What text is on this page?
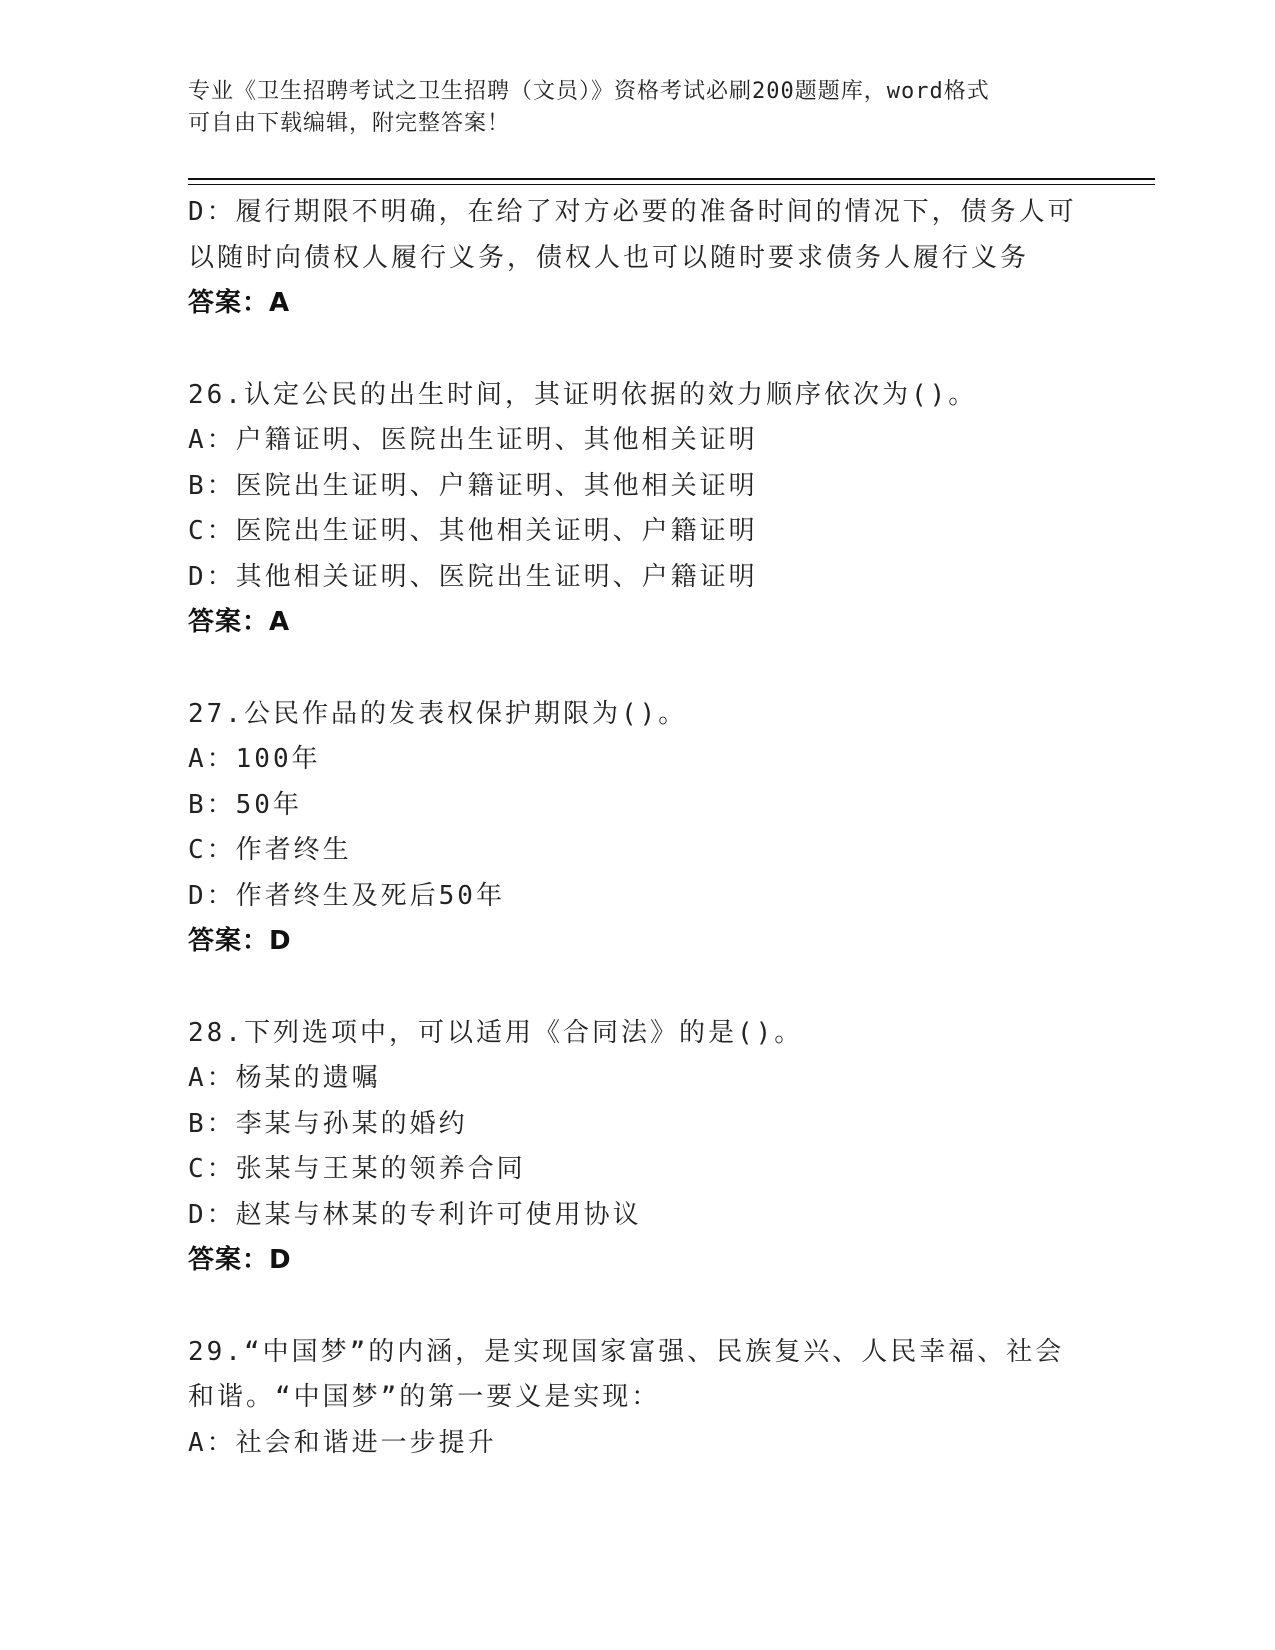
专业《卫生招聘考试之卫生招聘（文员）》资格考试必刷200题题库，word格式
可自由下载编辑，附完整答案！
D：履行期限不明确，在给了对方必要的准备时间的情况下，债务人可
以随时向债权人履行义务，债权人也可以随时要求债务人履行义务
答案：A
26.认定公民的出生时间，其证明依据的效力顺序依次为()。
A：户籍证明、医院出生证明、其他相关证明
B：医院出生证明、户籍证明、其他相关证明
C：医院出生证明、其他相关证明、户籍证明
D：其他相关证明、医院出生证明、户籍证明
答案：A
27.公民作品的发表权保护期限为()。
A：100年
B：50年
C：作者终生
D：作者终生及死后50年
答案：D
28.下列选项中，可以适用《合同法》的是()。
A：杨某的遗嘱
B：李某与孙某的婚约
C：张某与王某的领养合同
D：赵某与林某的专利许可使用协议
答案：D
29.“中国梦”的内涵，是实现国家富强、民族复兴、人民幸福、社会
和谐。“中国梦”的第一要义是实现：
A：社会和谐进一步提升
